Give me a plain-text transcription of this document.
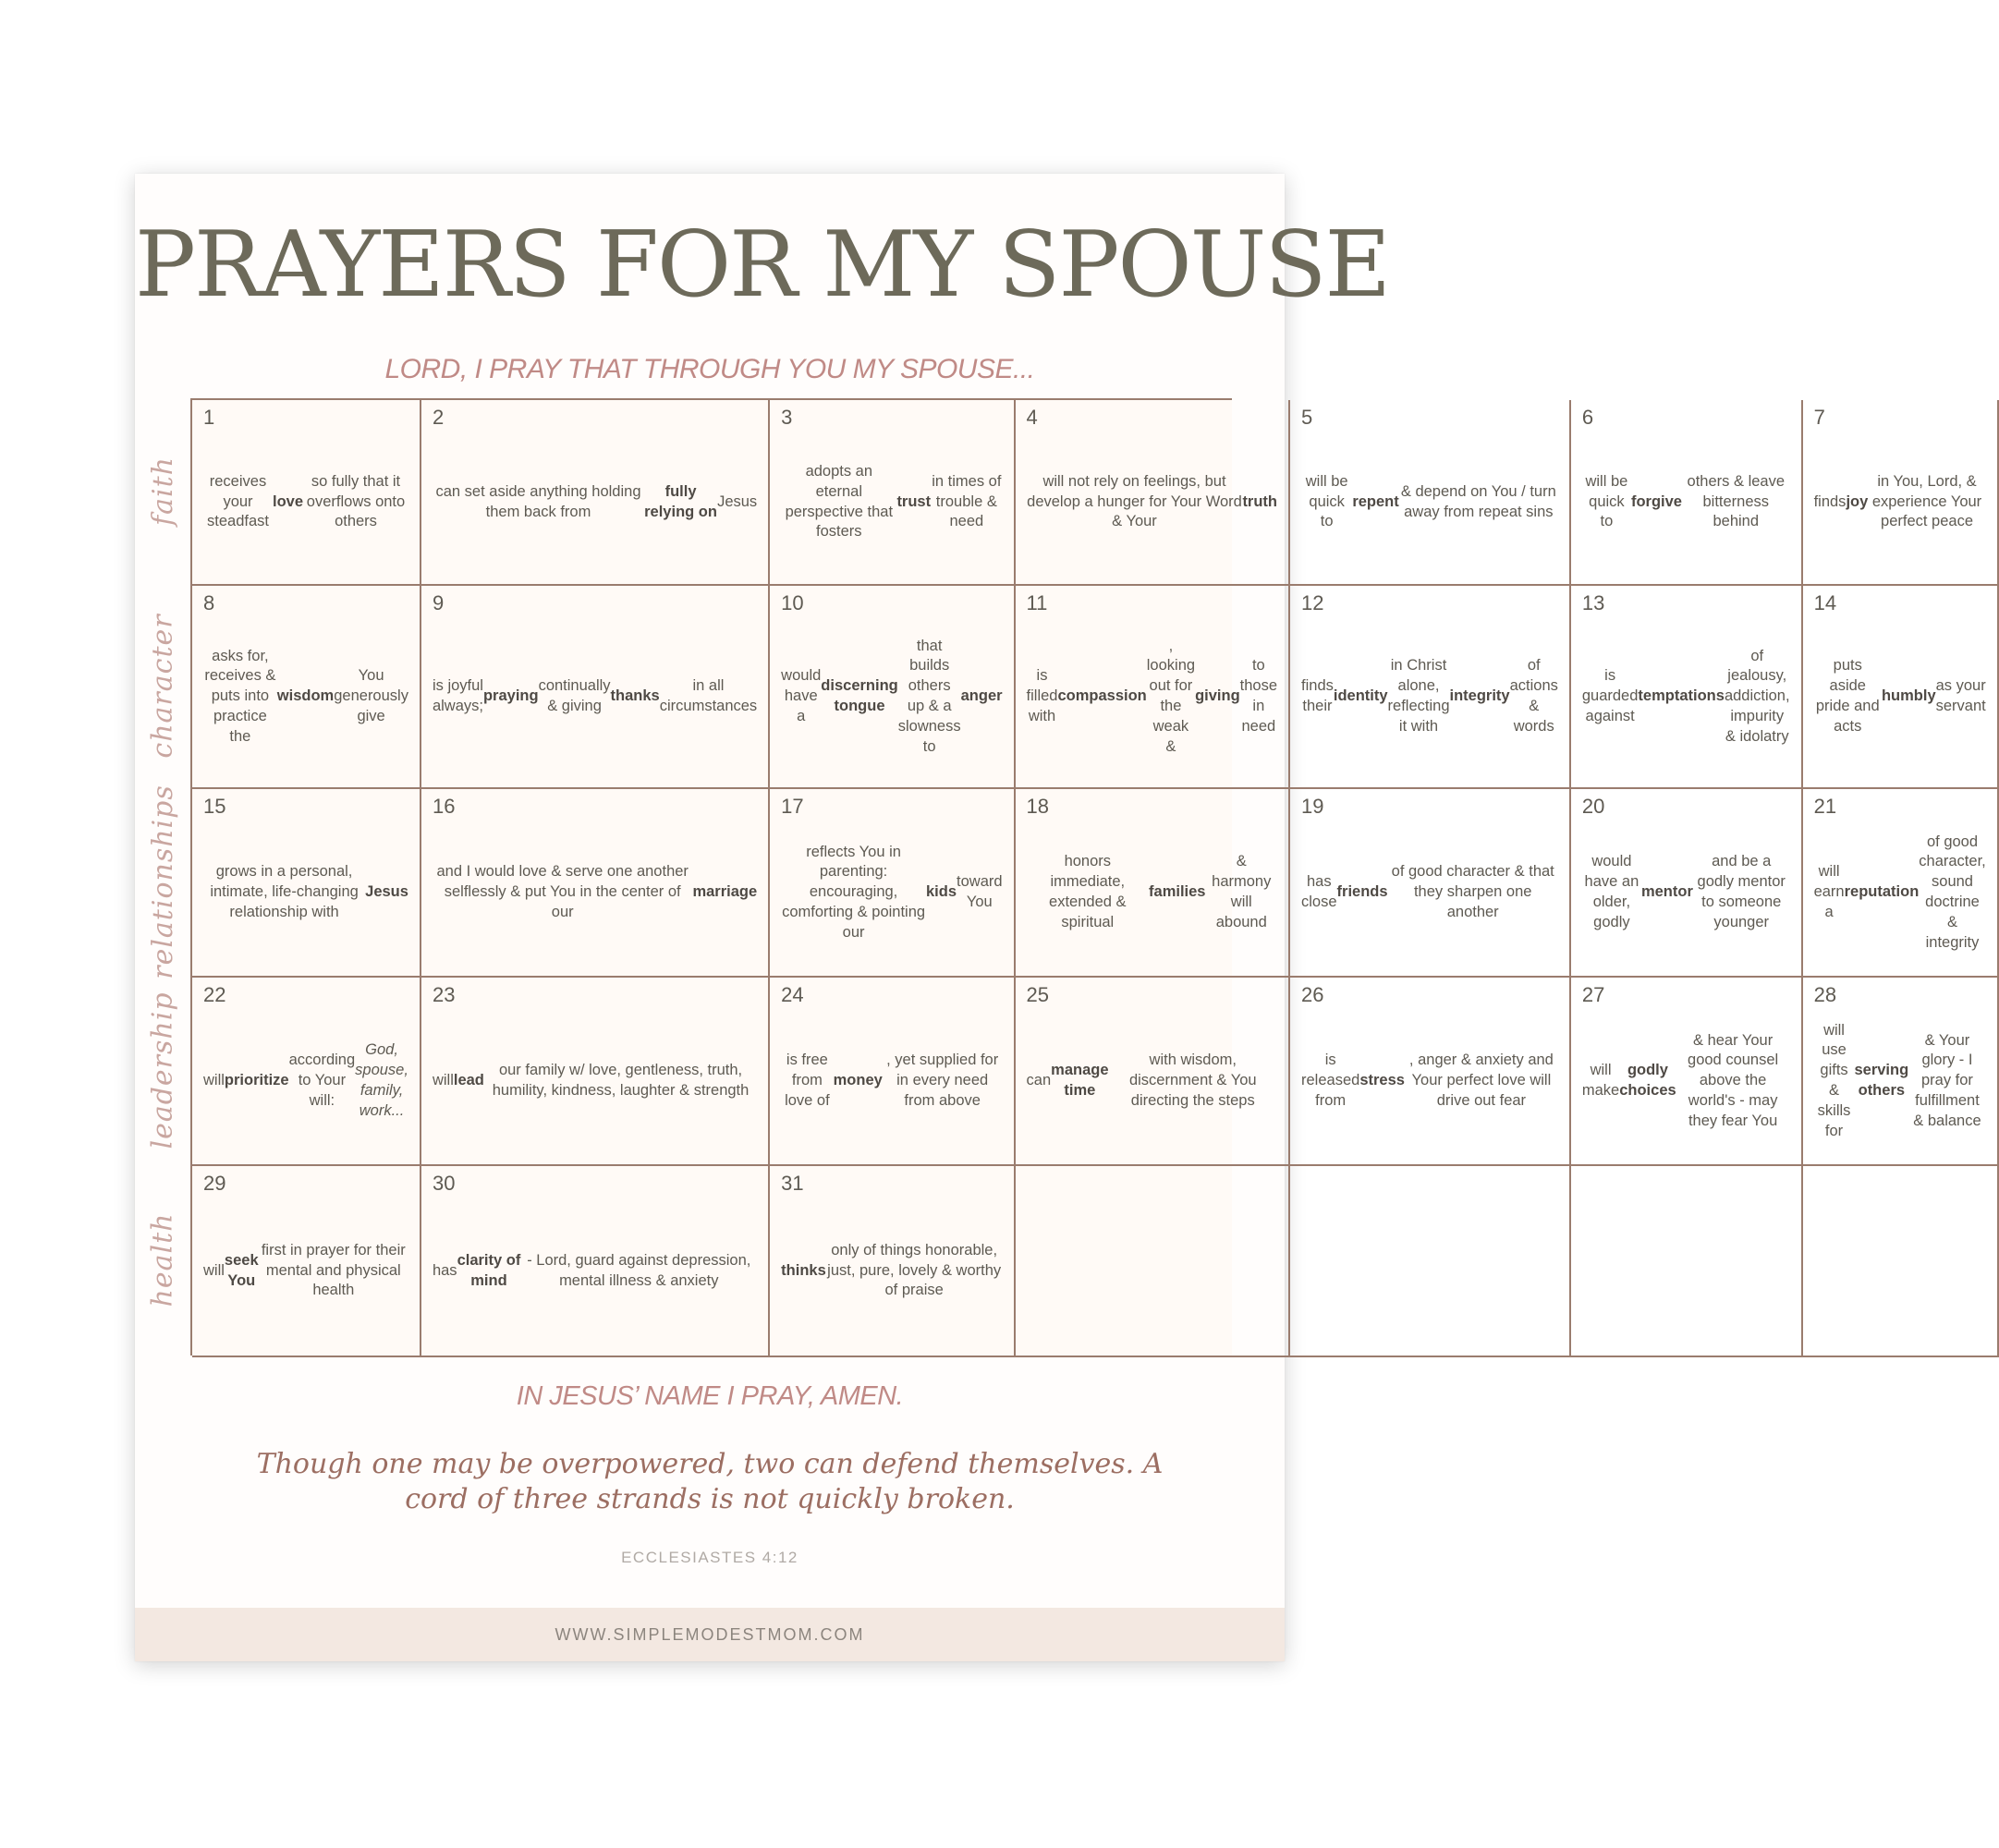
PRAYERS FOR MY SPOUSE
LORD, I PRAY THAT THROUGH YOU MY SPOUSE...
faith
character
relationships
leadership
health
1
receives your steadfast
love
so fully that it overflows onto others
2
can set aside anything holding them back from
fully relying on
Jesus
3
adopts an eternal perspective that fosters
trust
in times of trouble & need
4
will not rely on feelings, but develop a hunger for Your Word & Your
truth
5
will be quick to
repent
& depend on You / turn away from repeat sins
6
will be quick to
forgive
others & leave bitterness behind
7
finds joy
in You, Lord, & experience Your perfect peace
8
asks for, receives & puts into practice the
wisdom
You generously give
9
is joyful always;
praying
continually & giving
thanks
in all circumstances
10
would have a
discerning tongue
that builds others up & a slowness to
anger
11
is filled with
compassion
, looking out for the weak &
giving
to those in need
12
finds their
identity
in Christ alone, reflecting it with
integrity
of actions & words
13
is guarded against
temptations
of jealousy, addiction, impurity & idolatry
14
puts aside pride and acts
humbly
as your servant
15
grows in a personal, intimate, life-changing relationship with
Jesus
16
and I would love & serve one another selflessly & put You in the center of our
marriage
17
reflects You in parenting: encouraging, comforting & pointing our
kids
toward You
18
honors immediate, extended & spiritual
families
& harmony will abound
19
has close
friends
of good character & that they sharpen one another
20
would have an older, godly
mentor
and be a godly mentor to someone younger
21
will earn a
reputation
of good character, sound doctrine & integrity
22
will prioritize
according to Your will:
God, spouse, family, work...
23
will lead
our family w/ love, gentleness, truth, humility, kindness, laughter & strength
24
is free from love of
money
, yet supplied for in every need from above
25
can
manage time
with wisdom, discernment & You directing the steps
26
is released from
stress
, anger & anxiety and Your perfect love will drive out fear
27
will make
godly choices
& hear Your good counsel above the world's - may they fear You
28
will use gifts & skills for
serving others
& Your glory - I pray for fulfillment & balance
29
will
seek You
first in prayer for their mental and physical health
30
has
clarity of mind
- Lord, guard against depression, mental illness & anxiety
31
thinks
only of things honorable, just, pure, lovely & worthy of praise
IN JESUS’ NAME I PRAY, AMEN.
Though one may be overpowered, two can defend themselves. A cord of three strands is not quickly broken.
ECCLESIASTES 4:12
WWW.SIMPLEMODESTMOM.COM
